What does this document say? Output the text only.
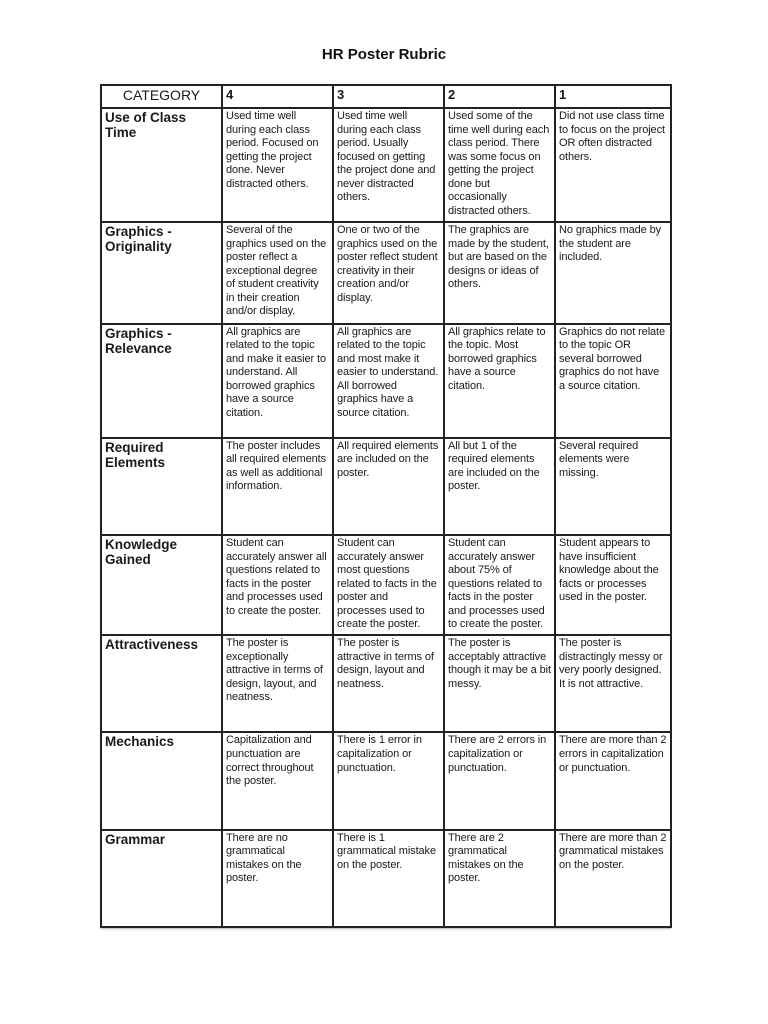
HR Poster Rubric
CATEGORY	4	3	2	1
Use of Class Time	Used time well during each class period. Focused on getting the project done. Never distracted others.	Used time well during each class period. Usually focused on getting the project done and never distracted others.	Used some of the time well during each class period. There was some focus on getting the project done but occasionally distracted others.	Did not use class time to focus on the project OR often distracted others.
Graphics - Originality	Several of the graphics used on the poster reflect a exceptional degree of student creativity in their creation and/or display.	One or two of the graphics used on the poster reflect student creativity in their creation and/or display.	The graphics are made by the student, but are based on the designs or ideas of others.	No graphics made by the student are included.
Graphics - Relevance	All graphics are related to the topic and make it easier to understand. All borrowed graphics have a source citation.	All graphics are related to the topic and most make it easier to understand. All borrowed graphics have a source citation.	All graphics relate to the topic. Most borrowed graphics have a source citation.	Graphics do not relate to the topic OR several borrowed graphics do not have a source citation.
Required Elements	The poster includes all required elements as well as additional information.	All required elements are included on the poster.	All but 1 of the required elements are included on the poster.	Several required elements were missing.
Knowledge Gained	Student can accurately answer all questions related to facts in the poster and processes used to create the poster.	Student can accurately answer most questions related to facts in the poster and processes used to create the poster.	Student can accurately answer about 75% of questions related to facts in the poster and processes used to create the poster.	Student appears to have insufficient knowledge about the facts or processes used in the poster.
Attractiveness	The poster is exceptionally attractive in terms of design, layout, and neatness.	The poster is attractive in terms of design, layout and neatness.	The poster is acceptably attractive though it may be a bit messy.	The poster is distractingly messy or very poorly designed. It is not attractive.
Mechanics	Capitalization and punctuation are correct throughout the poster.	There is 1 error in capitalization or punctuation.	There are 2 errors in capitalization or punctuation.	There are more than 2 errors in capitalization or punctuation.
Grammar	There are no grammatical mistakes on the poster.	There is 1 grammatical mistake on the poster.	There are 2 grammatical mistakes on the poster.	There are more than 2 grammatical mistakes on the poster.
